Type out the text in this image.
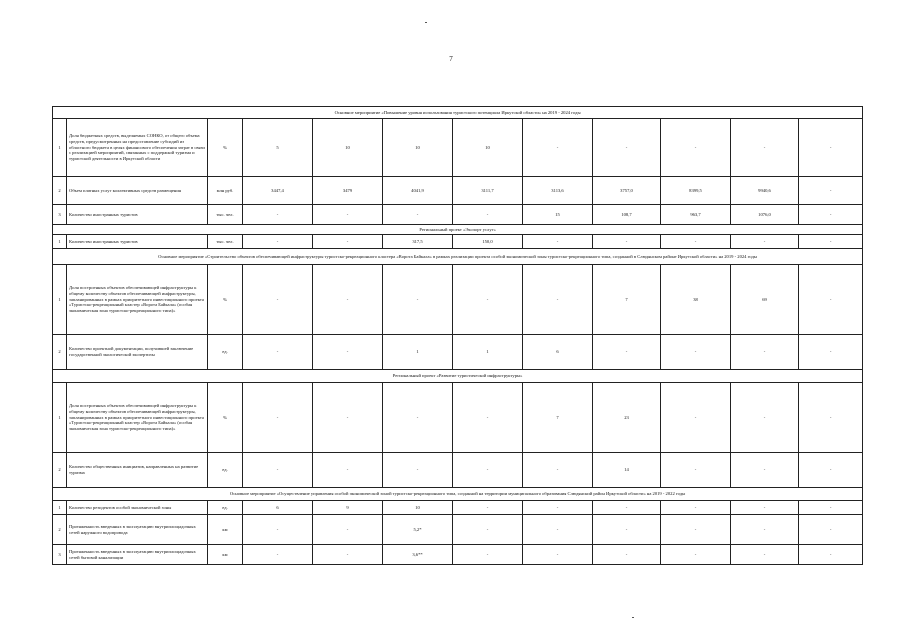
7
Основное мероприятие «Повышение уровня использования туристского потенциала Иркутской области» на 2019 - 2024 годы											
1	Доля бюджетных средств, выделяемых СОНКО, от общего объема средств, предусмотренных на предоставление субсидий из областного бюджета в целях финансового обеспечения затрат в связи с реализацией мероприятий, связанных с поддержкой туризма и туристской деятельности в Иркутской области	%	5	10	10	10	-	-	-	-	-
2	Объем платных услуг коллективных средств размещения	млн руб.	3447,4	3479	4041,9	3111,7	3113,6	3757,0	8399,5	9940,6	-
3	Количество иностранных туристов	тыс. чел.	-	-	-	-	15	108,7	963,7	1076,0	-
Региональный проект «Экспорт услуг»											
1	Количество иностранных туристов	тыс. чел.	-	-	317,5	150,0	-	-	-	-	-
Основное мероприятие «Строительство объектов обеспечивающей инфраструктуры туристско-рекреационного кластера «Ворота Байкала» в рамках реализации проекта особой экономической зоны туристско-рекреационного типа, созданной в Слюдянском районе Иркутской области» на 2019 - 2024 годы											
1	Доля построенных объектов обеспечивающей инфраструктуры к общему количеству объектов обеспечивающей инфраструктуры, запланированных в рамках приоритетного инвестиционного проекта «Туристско-рекреационный кластер «Ворота Байкала» (особая экономическая зона туристско-рекреационного типа)»	%	-	-	-	-	-	7	38	69	-
2	Количество проектной документации, получившей заключение государственной экологической экспертизы	ед.	-	-	1	1	6	-	-	-	-
Региональный проект «Развитие туристической инфраструктуры»											
1	Доля построенных объектов обеспечивающей инфраструктуры к общему количеству объектов обеспечивающей инфраструктуры, запланированных в рамках приоритетного инвестиционного проекта «Туристско-рекреационный кластер «Ворота Байкала» (особая экономическая зона туристско-рекреационного типа)»	%	-	-	-	-	7	23	-	-	-
2	Количество общественных инициатив, направленных на развитие туризма	ед.	-	-	-	-	-	14	-	-	-
Основное мероприятие «Осуществление управления особой экономической зоной туристско-рекреационного типа, созданной на территории муниципального образования Слюдянский район Иркутской области» на 2019 - 2022 годы											
1	Количество резидентов особой экономической зоны	ед.	6	9	10	-	-	-	-	-	-
2	Протяженность введенных в эксплуатацию внутриплощадочных сетей наружного водопровода	км	-	-	5,2*	-	-	-	-	-	-
3	Протяженность введенных в эксплуатацию внутриплощадочных сетей бытовой канализации	км	-	-	3,6**	-	-	-	-	-	-
